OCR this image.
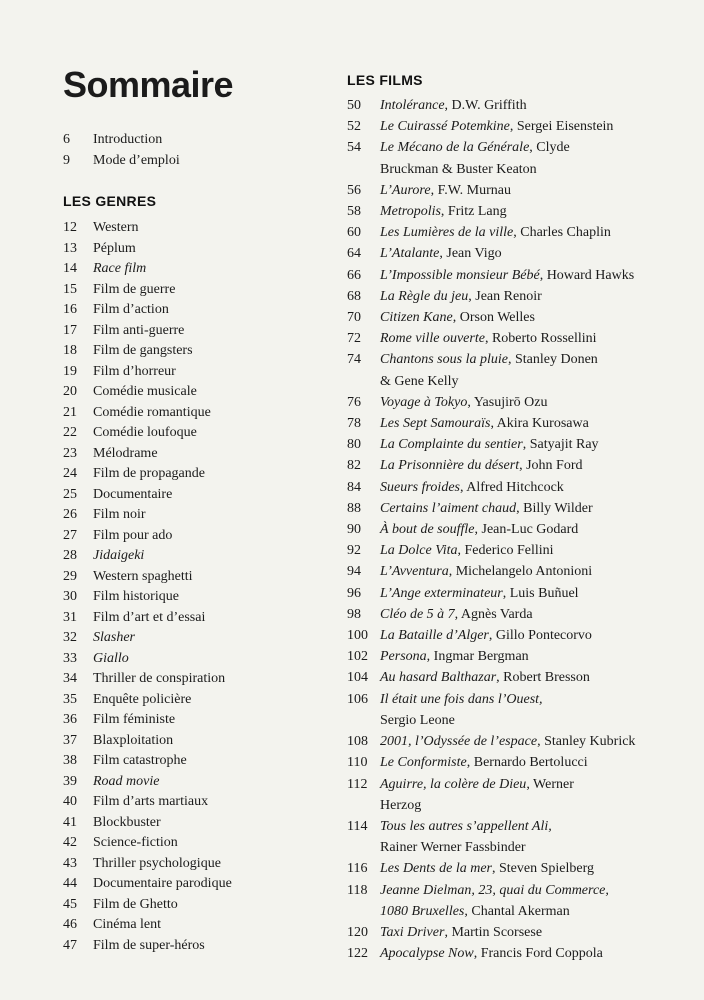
Sommaire
6	Introduction
9	Mode d’emploi
LES GENRES
12	Western
13	Péplum
14	Race film
15	Film de guerre
16	Film d’action
17	Film anti-guerre
18	Film de gangsters
19	Film d’horreur
20	Comédie musicale
21	Comédie romantique
22	Comédie loufoque
23	Mélodrame
24	Film de propagande
25	Documentaire
26	Film noir
27	Film pour ado
28	Jidaigeki
29	Western spaghetti
30	Film historique
31	Film d’art et d’essai
32	Slasher
33	Giallo
34	Thriller de conspiration
35	Enquête policière
36	Film féministe
37	Blaxploitation
38	Film catastrophe
39	Road movie
40	Film d’arts martiaux
41	Blockbuster
42	Science-fiction
43	Thriller psychologique
44	Documentaire parodique
45	Film de Ghetto
46	Cinéma lent
47	Film de super-héros
LES FILMS
50	Intolérance, D.W. Griffith
52	Le Cuirassé Potemkine, Sergei Eisenstein
54	Le Mécano de la Générale, Clyde
Bruckman & Buster Keaton
56	L’Aurore, F.W. Murnau
58	Metropolis, Fritz Lang
60	Les Lumières de la ville, Charles Chaplin
64	L’Atalante, Jean Vigo
66	L’Impossible monsieur Bébé, Howard Hawks
68	La Règle du jeu, Jean Renoir
70	Citizen Kane, Orson Welles
72	Rome ville ouverte, Roberto Rossellini
74	Chantons sous la pluie, Stanley Donen
& Gene Kelly
76	Voyage à Tokyo, Yasujirō Ozu
78	Les Sept Samouraïs, Akira Kurosawa
80	La Complainte du sentier, Satyajit Ray
82	La Prisonnière du désert, John Ford
84	Sueurs froides, Alfred Hitchcock
88	Certains l’aiment chaud, Billy Wilder
90	À bout de souffle, Jean-Luc Godard
92	La Dolce Vita, Federico Fellini
94	L’Avventura, Michelangelo Antonioni
96	L’Ange exterminateur, Luis Buñuel
98	Cléo de 5 à 7, Agnès Varda
100 La Bataille d’Alger, Gillo Pontecorvo
102 Persona, Ingmar Bergman
104 Au hasard Balthazar, Robert Bresson
106 Il était une fois dans l’Ouest,
Sergio Leone
108 2001, l’Odyssée de l’espace, Stanley Kubrick
110 Le Conformiste, Bernardo Bertolucci
112 Aguirre, la colère de Dieu, Werner
Herzog
114 Tous les autres s’appellent Ali,
Rainer Werner Fassbinder
116 Les Dents de la mer, Steven Spielberg
118 Jeanne Dielman, 23, quai du Commerce,
1080 Bruxelles, Chantal Akerman
120 Taxi Driver, Martin Scorsese
122 Apocalypse Now, Francis Ford Coppola
